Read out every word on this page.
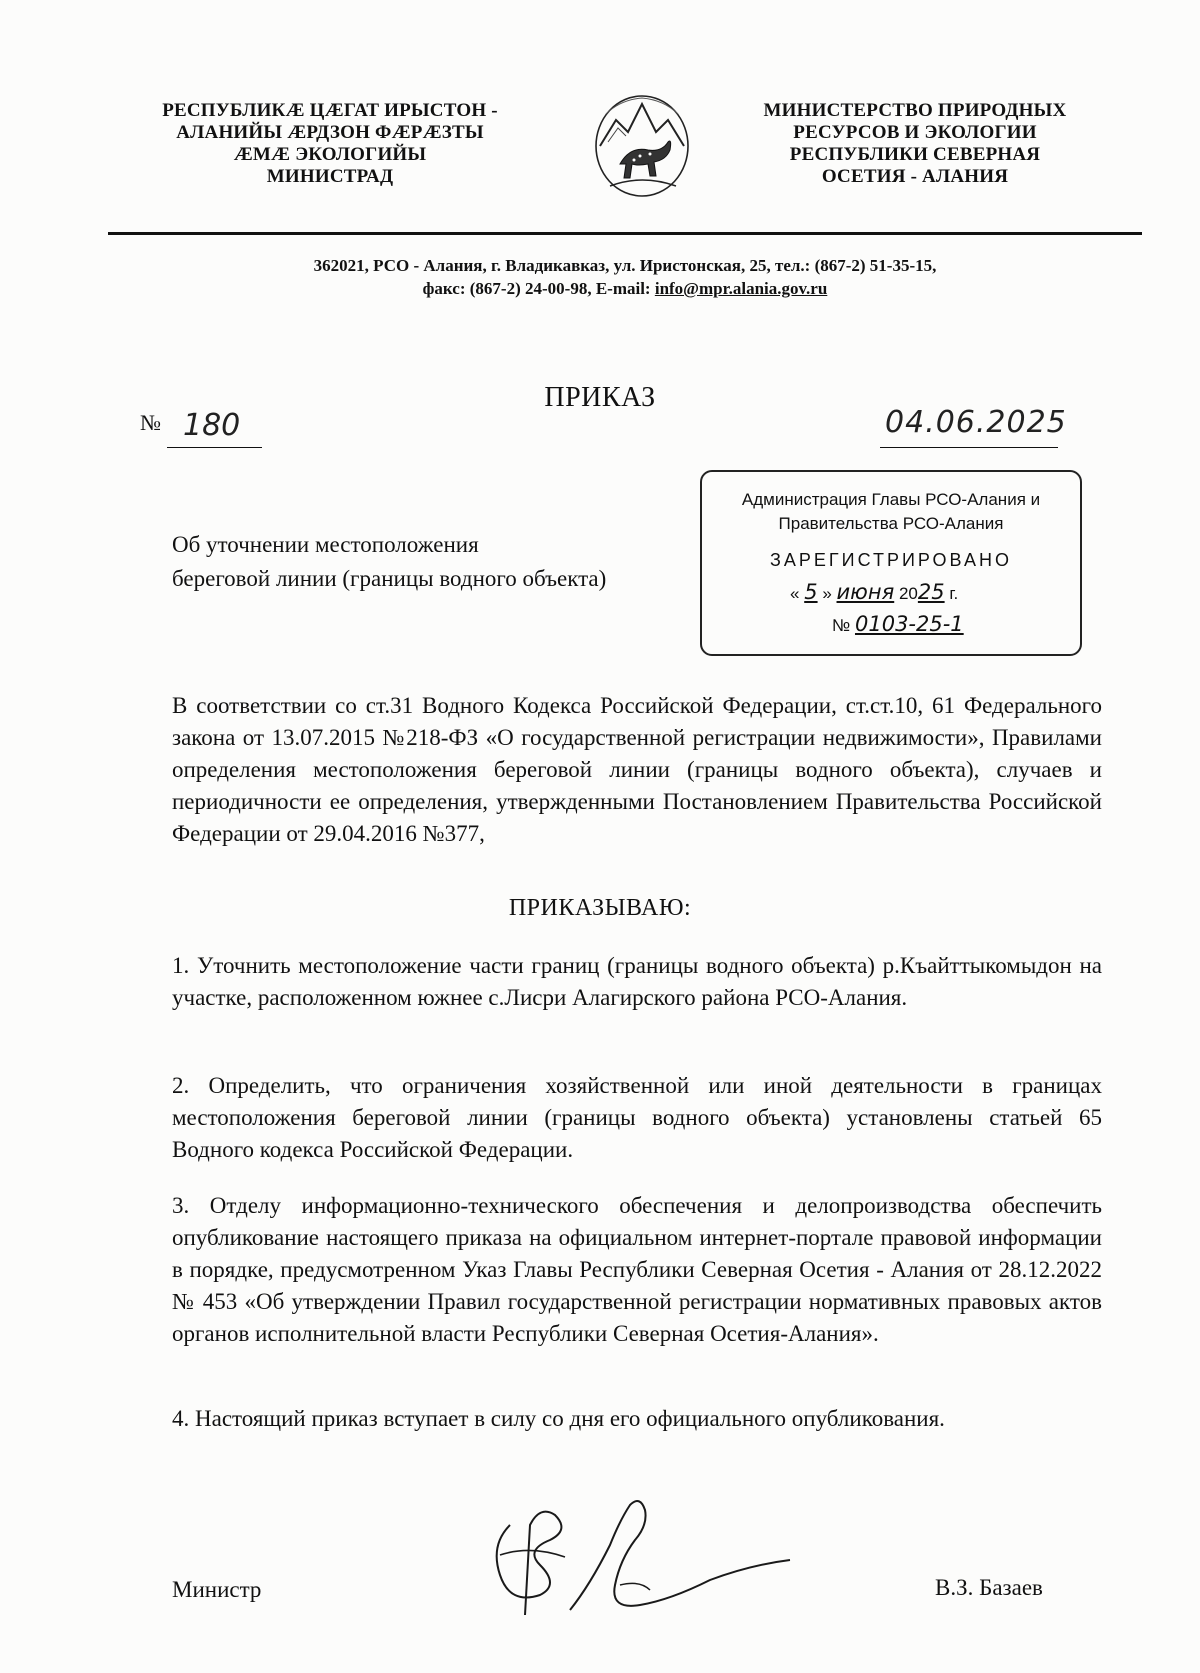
РЕСПУБЛИКÆ ЦÆГАТ ИРЫСТОН -
АЛАНИЙЫ ÆРДЗОН ФÆРÆЗТЫ
ÆМÆ ЭКОЛОГИЙЫ
МИНИСТРАД
МИНИСТЕРСТВО ПРИРОДНЫХ
РЕСУРСОВ И ЭКОЛОГИИ
РЕСПУБЛИКИ СЕВЕРНАЯ
ОСЕТИЯ - АЛАНИЯ
362021, РСО - Алания, г. Владикавказ, ул. Иристонская, 25, тел.: (867-2) 51-35-15,
факс: (867-2) 24-00-98, E-mail: info@mpr.alania.gov.ru
ПРИКАЗ
№ 180	04.06.2025
Об уточнении местоположения
береговой линии (границы водного объекта)
Администрация Главы РСО-Алания и
Правительства РСО-Алания
ЗАРЕГИСТРИРОВАНО
« 5 » июня 2025 г.
№ 0103-25-1
В соответствии со ст.31 Водного Кодекса Российской Федерации, ст.ст.10, 61 Федерального закона от 13.07.2015 №218-ФЗ «О государственной регистрации недвижимости», Правилами определения местоположения береговой линии (границы водного объекта), случаев и периодичности ее определения, утвержденными Постановлением Правительства Российской Федерации от 29.04.2016 №377,
ПРИКАЗЫВАЮ:
1. Уточнить местоположение части границ (границы водного объекта) р.Къайттыкомыдон на участке, расположенном южнее с.Лисри Алагирского района РСО-Алания.
2. Определить, что ограничения хозяйственной или иной деятельности в границах местоположения береговой линии (границы водного объекта) установлены статьей 65 Водного кодекса Российской Федерации.
3. Отделу информационно-технического обеспечения и делопроизводства обеспечить опубликование настоящего приказа на официальном интернет-портале правовой информации в порядке, предусмотренном Указ Главы Республики Северная Осетия - Алания от 28.12.2022 № 453 «Об утверждении Правил государственной регистрации нормативных правовых актов органов исполнительной власти Республики Северная Осетия-Алания».
4. Настоящий приказ вступает в силу со дня его официального опубликования.
Министр	В.З. Базаев
